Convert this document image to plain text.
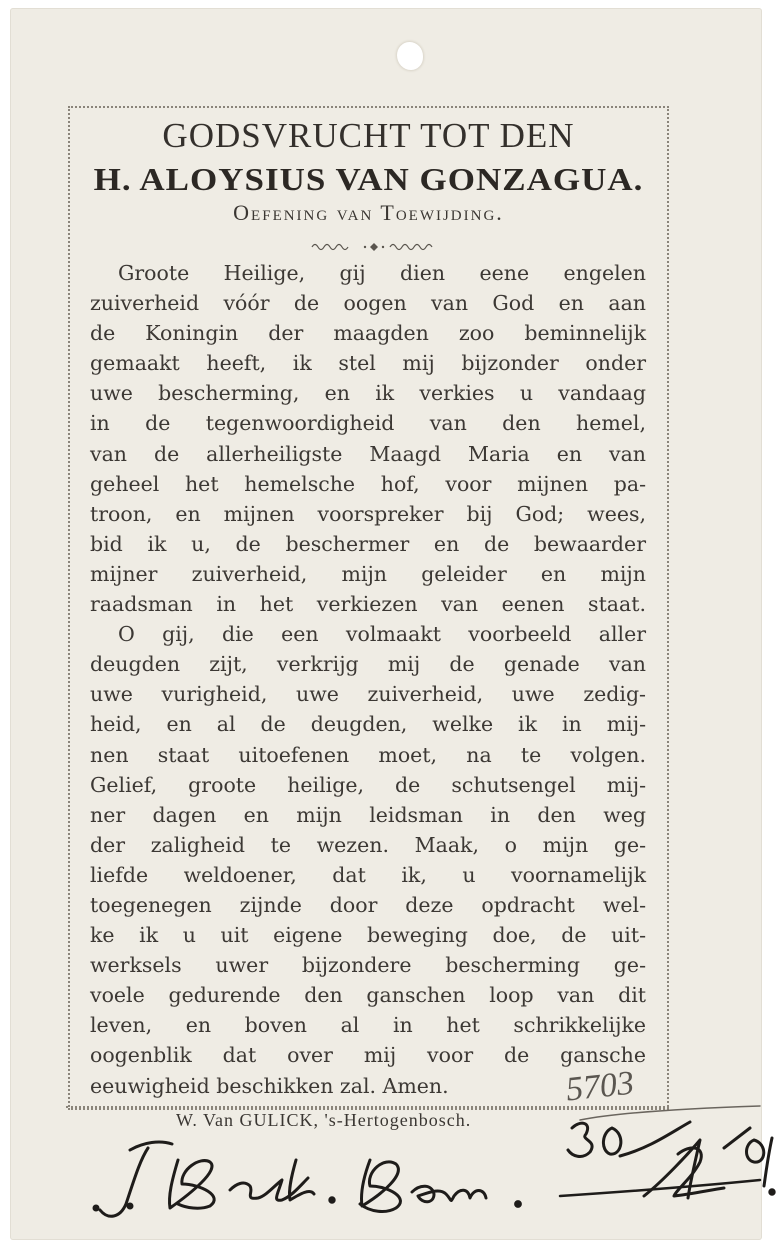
GODSVRUCHT TOT DEN
H. ALOYSIUS VAN GONZAGUA.
Oefening van Toewijding.
Groote Heilige, gij dien eene engelen
zuiverheid vóór de oogen van God en aan
de Koningin der maagden zoo beminnelijk
gemaakt heeft, ik stel mij bijzonder onder
uwe bescherming, en ik verkies u vandaag
in de tegenwoordigheid van den hemel,
van de allerheiligste Maagd Maria en van
geheel het hemelsche hof, voor mijnen pa-
troon, en mijnen voorspreker bij God; wees,
bid ik u, de beschermer en de bewaarder
mijner zuiverheid, mijn geleider en mijn
raadsman in het verkiezen van eenen staat.
O gij, die een volmaakt voorbeeld aller
deugden zijt, verkrijg mij de genade van
uwe vurigheid, uwe zuiverheid, uwe zedig-
heid, en al de deugden, welke ik in mij-
nen staat uitoefenen moet, na te volgen.
Gelief, groote heilige, de schutsengel mij-
ner dagen en mijn leidsman in den weg
der zaligheid te wezen. Maak, o mijn ge-
liefde weldoener, dat ik, u voornamelijk
toegenegen zijnde door deze opdracht wel-
ke ik u uit eigene beweging doe, de uit-
werksels uwer bijzondere bescherming ge-
voele gedurende den ganschen loop van dit
leven, en boven al in het schrikkelijke
oogenblik dat over mij voor de gansche
eeuwigheid beschikken zal. Amen.	5703
W. Van GULICK, 's-Hertogenbosch.
